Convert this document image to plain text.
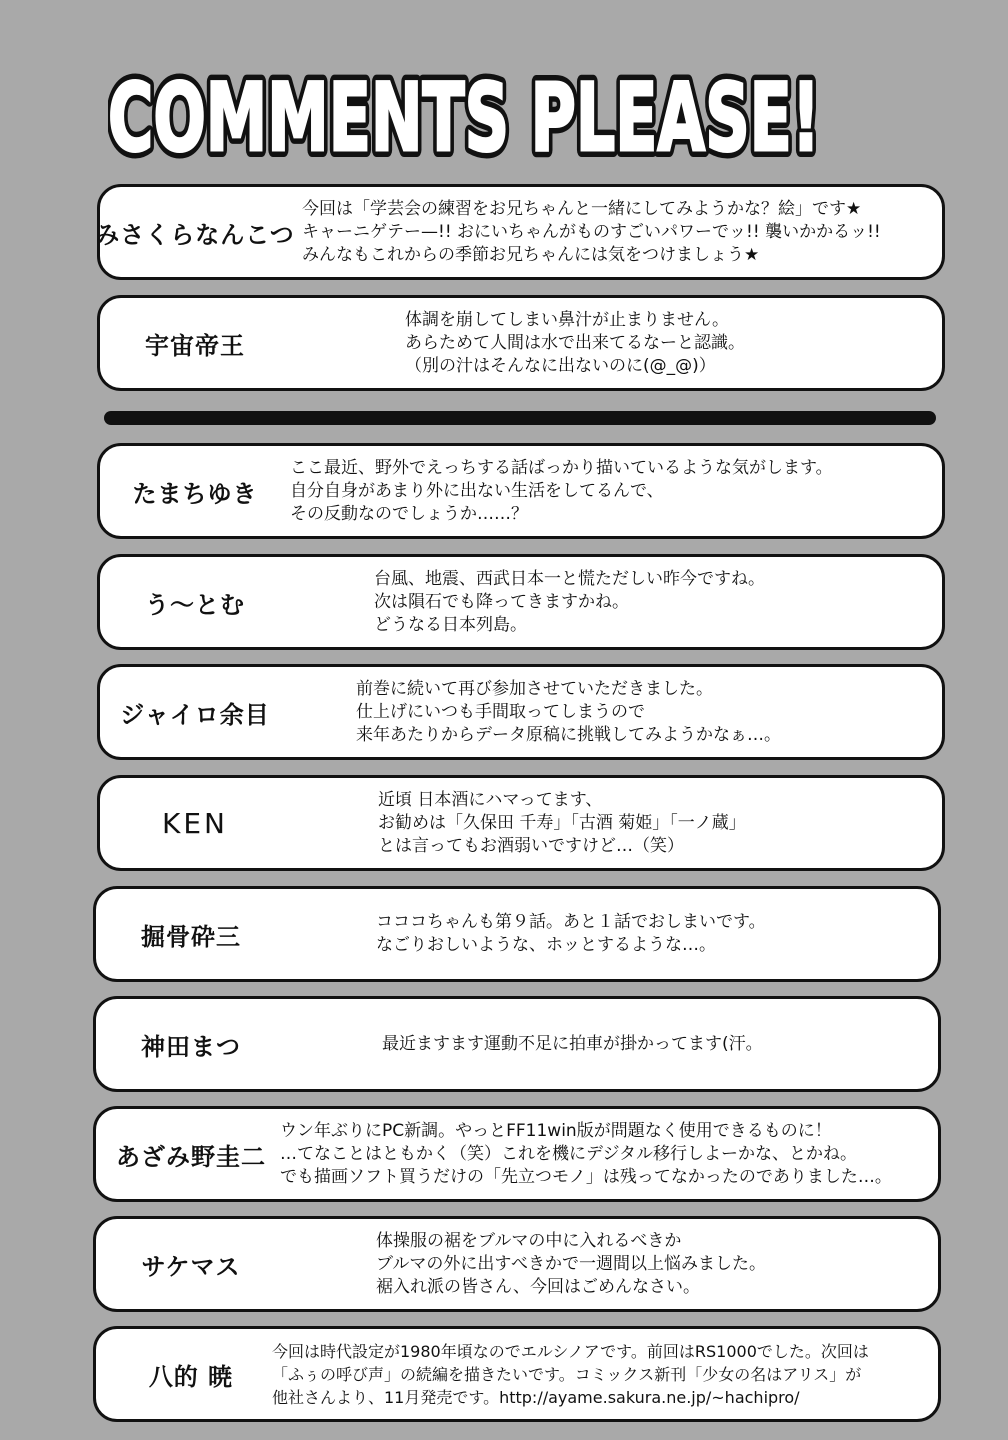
COMMENTS PLEASE!
COMMENTS PLEASE!
みさくらなんこつ
今回は「学芸会の練習をお兄ちゃんと一緒にしてみようかな？絵」です★
キャーニゲテー—!! おにいちゃんがものすごいパワーでッ!! 襲いかかるッ!!
みんなもこれからの季節お兄ちゃんには気をつけましょう★
宇宙帝王
体調を崩してしまい鼻汁が止まりません。
あらためて人間は水で出来てるなーと認識。
（別の汁はそんなに出ないのに(@_@)）
たまちゆき
ここ最近、野外でえっちする話ばっかり描いているような気がします。
自分自身があまり外に出ない生活をしてるんで、
その反動なのでしょうか……？
う～とむ
台風、地震、西武日本一と慌ただしい昨今ですね。
次は隕石でも降ってきますかね。
どうなる日本列島。
ジャイロ余目
前巻に続いて再び参加させていただきました。
仕上げにいつも手間取ってしまうので
来年あたりからデータ原稿に挑戦してみようかなぁ…。
KEN
近頃 日本酒にハマってます、
お勧めは「久保田 千寿」「古酒 菊姫」「一ノ蔵」
とは言ってもお酒弱いですけど…（笑）
掘骨砕三
コココちゃんも第９話。あと１話でおしまいです。
なごりおしいような、ホッとするような…。
神田まつ	最近ますます運動不足に拍車が掛かってます(汗。
あざみ野圭二
ウン年ぶりにPC新調。やっとFF11win版が問題なく使用できるものに！
…てなことはともかく（笑）これを機にデジタル移行しよーかな、とかね。
でも描画ソフト買うだけの「先立つモノ」は残ってなかったのでありました…。
サケマス
体操服の裾をブルマの中に入れるべきか
ブルマの外に出すべきかで一週間以上悩みました。
裾入れ派の皆さん、今回はごめんなさい。
八的 暁
今回は時代設定が1980年頃なのでエルシノアです。前回はRS1000でした。次回は
「ふぅの呼び声」の続編を描きたいです。コミックス新刊「少女の名はアリス」が
他社さんより、11月発売です。http://ayame.sakura.ne.jp/~hachipro/
